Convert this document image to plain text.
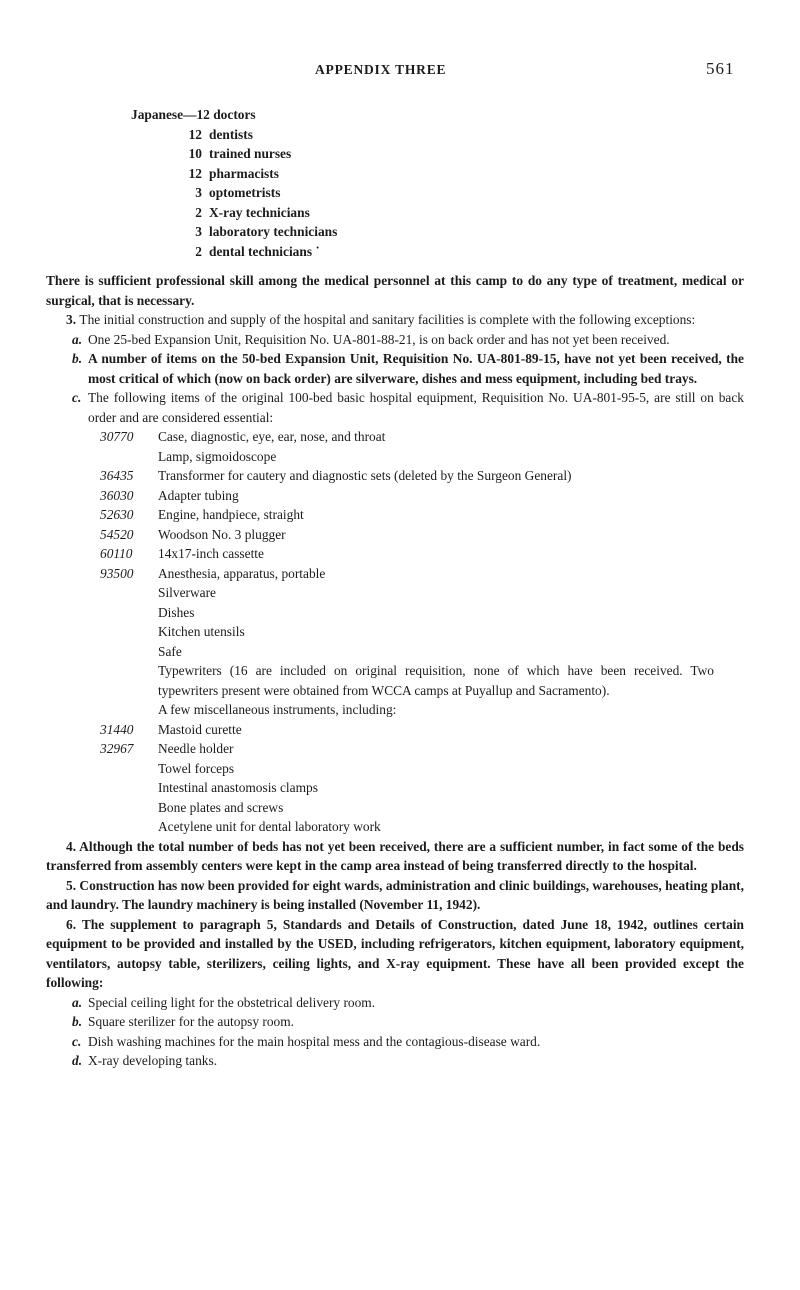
APPENDIX THREE	561
Japanese—12 doctors
12 dentists
10 trained nurses
12 pharmacists
3 optometrists
2 X-ray technicians
3 laboratory technicians
2 dental technicians ˙

There is sufficient professional skill among the medical personnel at this camp to do any type of treatment, medical or surgical, that is necessary.

3. The initial construction and supply of the hospital and sanitary facilities is complete with the following exceptions:

a. One 25-bed Expansion Unit, Requisition No. UA-801-88-21, is on back order and has not yet been received.

b. A number of items on the 50-bed Expansion Unit, Requisition No. UA-801-89-15, have not yet been received, the most critical of which (now on back order) are silverware, dishes and mess equipment, including bed trays.

c. The following items of the original 100-bed basic hospital equipment, Requisition No. UA-801-95-5, are still on back order and are considered essential:

30770	Case, diagnostic, eye, ear, nose, and throat
Lamp, sigmoidoscope
36435	Transformer for cautery and diagnostic sets (deleted by the Surgeon General)
36030	Adapter tubing
52630	Engine, handpiece, straight
54520	Woodson No. 3 plugger
60110	14x17-inch cassette
93500	Anesthesia, apparatus, portable
Silverware
Dishes
Kitchen utensils
Safe
Typewriters (16 are included on original requisition, none of which have been received. Two typewriters present were obtained from WCCA camps at Puyallup and Sacramento).
A few miscellaneous instruments, including:
31440	Mastoid curette
32967	Needle holder
Towel forceps
Intestinal anastomosis clamps
Bone plates and screws
Acetylene unit for dental laboratory work

4. Although the total number of beds has not yet been received, there are a sufficient number, in fact some of the beds transferred from assembly centers were kept in the camp area instead of being transferred directly to the hospital.

5. Construction has now been provided for eight wards, administration and clinic buildings, warehouses, heating plant, and laundry. The laundry machinery is being installed (November 11, 1942).

6. The supplement to paragraph 5, Standards and Details of Construction, dated June 18, 1942, outlines certain equipment to be provided and installed by the USED, including refrigerators, kitchen equipment, laboratory equipment, ventilators, autopsy table, sterilizers, ceiling lights, and X-ray equipment. These have all been provided except the following:

a. Special ceiling light for the obstetrical delivery room.

b. Square sterilizer for the autopsy room.

c. Dish washing machines for the main hospital mess and the contagious-disease ward.

d. X-ray developing tanks.
